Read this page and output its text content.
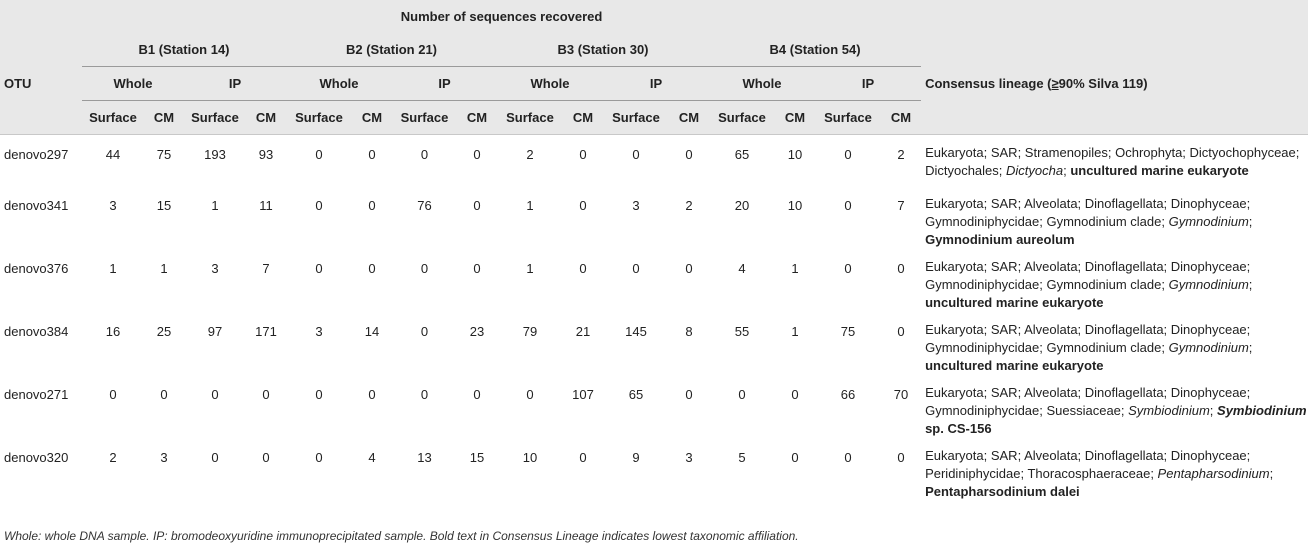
	Number of sequences recovered																
	B1 (Station 14)				B2 (Station 21)				B3 (Station 30)				B4 (Station 54)				
OTU	Whole		IP		Whole		IP		Whole		IP		Whole		IP		Consensus lineage (≥90% Silva 119)
	Surface	CM	Surface	CM	Surface	CM	Surface	CM	Surface	CM	Surface	CM	Surface	CM	Surface	CM	
denovo297	44	75	193	93	0	0	0	0	2	0	0	0	65	10	0	2	Eukaryota; SAR; Stramenopiles; Ochrophyta; Dictyochophyceae; Dictyochales; Dictyocha; uncultured marine eukaryote
denovo341	3	15	1	11	0	0	76	0	1	0	3	2	20	10	0	7	Eukaryota; SAR; Alveolata; Dinoflagellata; Dinophyceae; Gymnodiniphycidae; Gymnodinium clade; Gymnodinium; Gymnodinium aureolum
denovo376	1	1	3	7	0	0	0	0	1	0	0	0	4	1	0	0	Eukaryota; SAR; Alveolata; Dinoflagellata; Dinophyceae; Gymnodiniphycidae; Gymnodinium clade; Gymnodinium; uncultured marine eukaryote
denovo384	16	25	97	171	3	14	0	23	79	21	145	8	55	1	75	0	Eukaryota; SAR; Alveolata; Dinoflagellata; Dinophyceae; Gymnodiniphycidae; Gymnodinium clade; Gymnodinium; uncultured marine eukaryote
denovo271	0	0	0	0	0	0	0	0	0	107	65	0	0	0	66	70	Eukaryota; SAR; Alveolata; Dinoflagellata; Dinophyceae; Gymnodiniphycidae; Suessiaceae; Symbiodinium; Symbiodinium sp. CS-156
denovo320	2	3	0	0	0	4	13	15	10	0	9	3	5	0	0	0	Eukaryota; SAR; Alveolata; Dinoflagellata; Dinophyceae; Peridiniphycidae; Thoracosphaeraceae; Pentapharsodinium; Pentapharsodinium dalei
Whole: whole DNA sample. IP: bromodeoxyuridine immunoprecipitated sample. Bold text in Consensus Lineage indicates lowest taxonomic affiliation.
